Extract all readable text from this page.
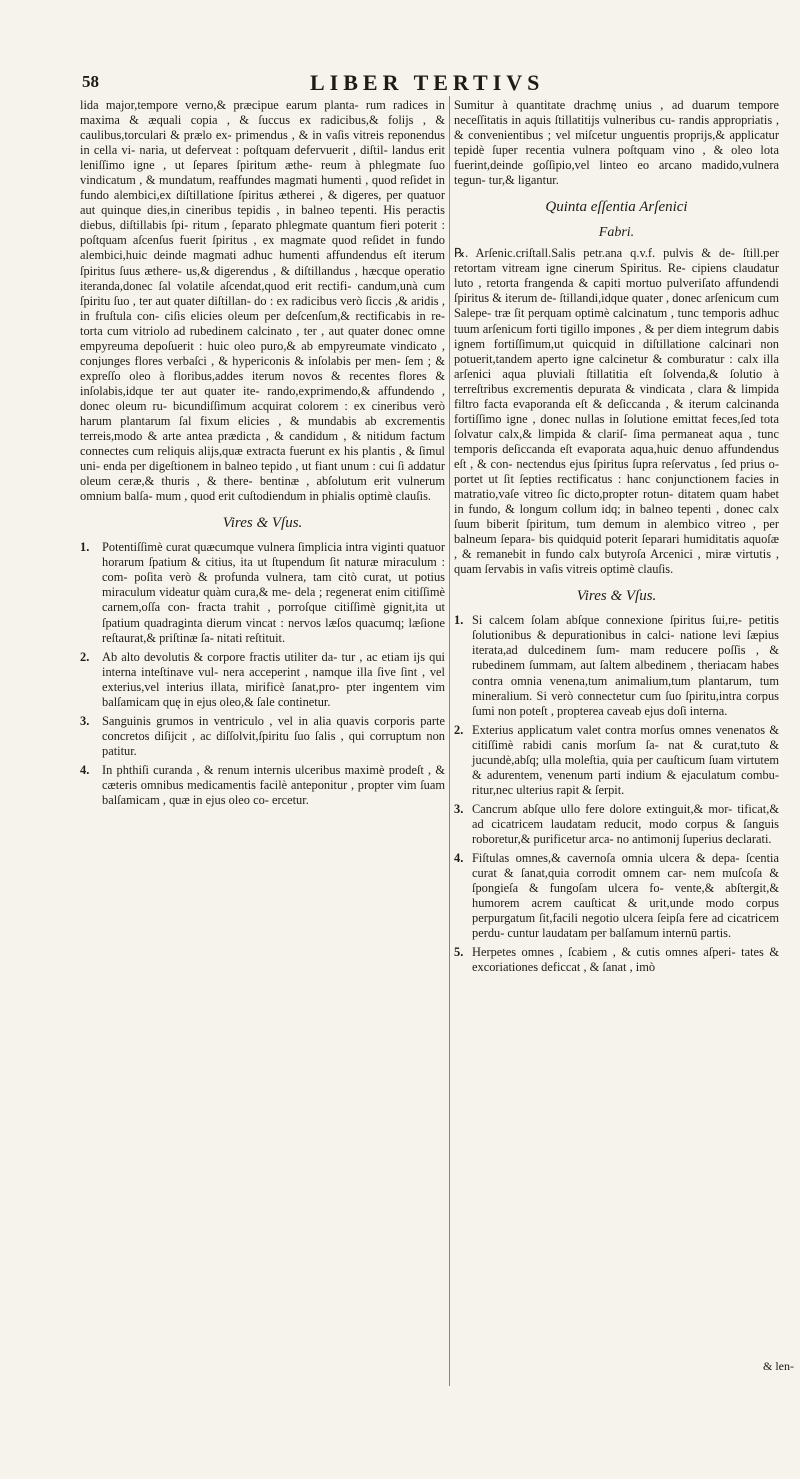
58	LIBER TERTIVS

lida major,tempore verno,& præcipue earum planta- rum radices in maxima & æquali copia , & ſuccus ex radicibus,& folijs , & caulibus,torculari & prælo ex- primendus , & in vaſis vitreis reponendus in cella vi- naria, ut deferveat : poſtquam defervuerit , diſtil- landus erit leniſſimo igne , ut ſepares ſpiritum æthe- reum à phlegmate ſuo vindicatum , & mundatum, reaffundes magmati humenti , quod reſidet in fundo alembici,ex diſtillatione ſpiritus ætherei , & digeres, per quatuor aut quinque dies,in cineribus tepidis , in balneo tepenti. His peractis diebus, diſtillabis ſpi- ritum , ſeparato phlegmate quantum fieri poterit : poſtquam aſcenſus fuerit ſpiritus , ex magmate quod reſidet in fundo alembici,huic deinde magmati adhuc humenti affundendus eſt iterum ſpiritus ſuus æthere- us,& digerendus , & diſtillandus , hæcque operatio iteranda,donec ſal volatile aſcendat,quod erit rectifi- candum,unà cum ſpiritu ſuo , ter aut quater diſtillan- do : ex radicibus verò ſiccis ,& aridis , in fruſtula con- ciſis elicies oleum per deſcenſum,& rectificabis in re- torta cum vitriolo ad rubedinem calcinato , ter , aut quater donec omne empyreuma depoſuerit : huic oleo puro,& ab empyreumate vindicato , conjunges flores verbaſci , & hypericonis & inſolabis per men- ſem ; & expreſſo oleo à floribus,addes iterum novos & recentes flores & inſolabis,idque ter aut quater ite- rando,exprimendo,& affundendo , donec oleum ru- bicundiſſimum acquirat colorem : ex cineribus verò harum plantarum ſal fixum elicies , & mundabis ab excrementis terreis,modo & arte antea prædicta , & candidum , & nitidum factum connectes cum reliquis alijs,quæ extracta fuerunt ex his plantis , & ſimul uni- enda per digeſtionem in balneo tepido , ut fiant unum : cui ſi addatur oleum ceræ,& thuris , & there- bentinæ , abſolutum erit vulnerum omnium balſa- mum , quod erit cuſtodiendum in phialis optimè clauſis.

Vires & Vſus.
1.	Potentiſſimè curat quæcumque vulnera ſimplicia intra viginti quatuor horarum ſpatium & citius, ita ut ſtupendum ſit naturæ miraculum : com- poſita verò & profunda vulnera, tam citò curat, ut potius miraculum videatur quàm cura,& me- dela ; regenerat enim citiſſimè carnem,oſſa con- fracta trahit , porroſque citiſſimè gignit,ita ut ſpatium quadraginta dierum vincat : nervos læſos quacumq; læſione reſtaurat,& priſtinæ ſa- nitati reſtituit.
2.	Ab alto devolutis & corpore fractis utiliter da- tur , ac etiam ijs qui interna inteſtinave vul- nera acceperint , namque illa ſive ſint , vel exterius,vel interius illata, mirificè ſanat,pro- pter ingentem vim balſamicam quę in ejus oleo,& ſale continetur.
3.	Sanguinis grumos in ventriculo , vel in alia quavis corporis parte concretos diſijcit , ac diſſolvit,ſpiritu ſuo ſalis , qui corruptum non patitur.
4.	In phthiſi curanda , & renum internis ulceribus maximè prodeſt , & cæteris omnibus medicamentis facilè anteponitur , propter vim ſuam balſamicam , quæ in ejus oleo co- ercetur.

Sumitur à quantitate drachmę unius , ad duarum tempore neceſſitatis in aquis ſtillatitijs vulneribus cu- randis appropriatis , & convenientibus ; vel miſcetur unguentis proprijs,& applicatur tepidè ſuper recentia vulnera poſtquam vino , & oleo lota fuerint,deinde goſſipio,vel linteo eo arcano madido,vulnera tegun- tur,& ligantur.

Quinta eſſentia Arſenici
Fabri.

℞. Arſenic.criſtall.Salis petr.ana q.v.f. pulvis & de- ſtill.per retortam vitream igne cinerum Spiritus. Re- cipiens claudatur luto , retorta frangenda & capiti mortuo pulveriſato affundendi ſpiritus & iterum de- ſtillandi,idque quater , donec arſenicum cum Salepe- træ ſit perquam optimè calcinatum , tunc temporis adhuc tuum arſenicum forti tigillo impones , & per diem integrum dabis ignem fortiſſimum,ut quicquid in diſtillatione calcinari non potuerit,tandem aperto igne calcinetur & comburatur : calx illa arſenici aqua pluviali ſtillatitia eſt ſolvenda,& ſolutio à terreſtribus excrementis depurata & vindicata , clara & limpida filtro facta evaporanda eſt & deſiccanda , & iterum calcinanda fortiſſimo igne , donec nullas in ſolutione emittat feces,ſed tota ſolvatur calx,& limpida & clariſ- ſima permaneat aqua , tunc temporis deſiccanda eſt evaporata aqua,huic denuo affundendus eſt , & con- nectendus ejus ſpiritus ſupra reſervatus , ſed prius o- portet ut ſit ſepties rectificatus : hanc conjunctionem facies in matratio,vaſe vitreo ſic dicto,propter rotun- ditatem quam habet in fundo, & longum collum idq; in balneo tepenti , donec calx ſuum biberit ſpiritum, tum demum in alembico vitreo , per balneum ſepara- bis quidquid poterit ſeparari humiditatis aquoſæ , & remanebit in fundo calx butyroſa Arcenici , miræ virtutis , quam ſervabis in vaſis vitreis optimè clauſis.

Vires & Vſus.
1. Si calcem ſolam abſque connexione ſpiritus ſui,re- petitis ſolutionibus & depurationibus in calci- natione levi ſæpius iterata,ad dulcedinem ſum- mam reducere poſſis , & rubedinem ſummam, aut ſaltem albedinem , theriacam habes contra omnia venena,tum animalium,tum plantarum, tum mineralium. Si verò connectetur cum ſuo ſpiritu,intra corpus ſumi non poteſt , propterea caveab ejus doſi interna.
2. Exterius applicatum valet contra morſus omnes venenatos & citiſſimè rabidi canis morſum ſa- nat & curat,tuto & jucundè,abſq; ulla moleſtia, quia per cauſticum ſuam virtutem & adurentem, venenum parti indium & ejaculatum combu- ritur,nec ulterius rapit & ſerpit.
3. Cancrum abſque ullo fere dolore extinguit,& mor- tificat,& ad cicatricem laudatam reducit, modo corpus & ſanguis roboretur,& purificetur arca- no antimonij ſuperius declarati.
4. Fiſtulas omnes,& cavernoſa omnia ulcera & depa- ſcentia curat & ſanat,quia corrodit omnem car- nem muſcoſa & ſpongieſa & fungoſam ulcera fo- vente,& abſtergit,& humorem acrem cauſticat & urit,unde modo corpus perpurgatum ſit,facili negotio ulcera ſeipſa fere ad cicatricem perdu- cuntur laudatam per balſamum internū partis.
5. Herpetes omnes , ſcabiem , & cutis omnes aſperi- tates & excoriationes deficcat , & ſanat , imò
& len-
